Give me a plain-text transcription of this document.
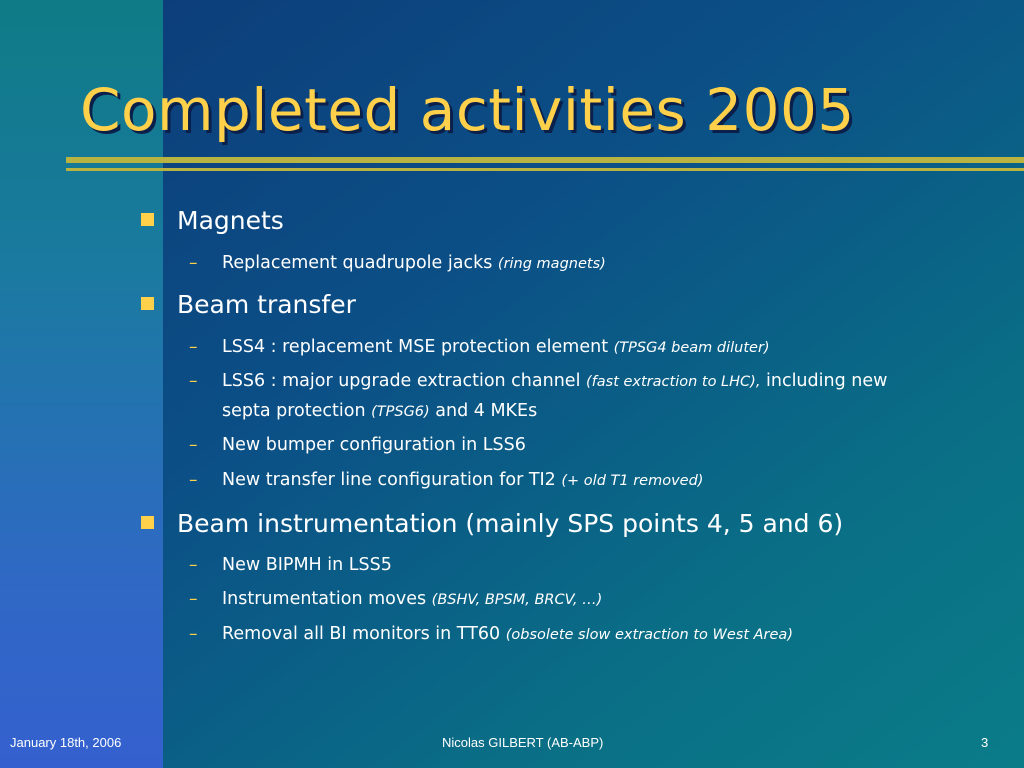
Completed activities 2005
Magnets
– Replacement quadrupole jacks (ring magnets)
Beam transfer
– LSS4 : replacement MSE protection element (TPSG4 beam diluter)
– LSS6 : major upgrade extraction channel (fast extraction to LHC), including new
septa protection (TPSG6) and 4 MKEs
– New bumper configuration in LSS6
– New transfer line configuration for TI2 (+ old T1 removed)
Beam instrumentation (mainly SPS points 4, 5 and 6)
– New BIPMH in LSS5
– Instrumentation moves (BSHV, BPSM, BRCV, …)
– Removal all BI monitors in TT60 (obsolete slow extraction to West Area)
January 18th, 2006	Nicolas GILBERT (AB-ABP)	3
